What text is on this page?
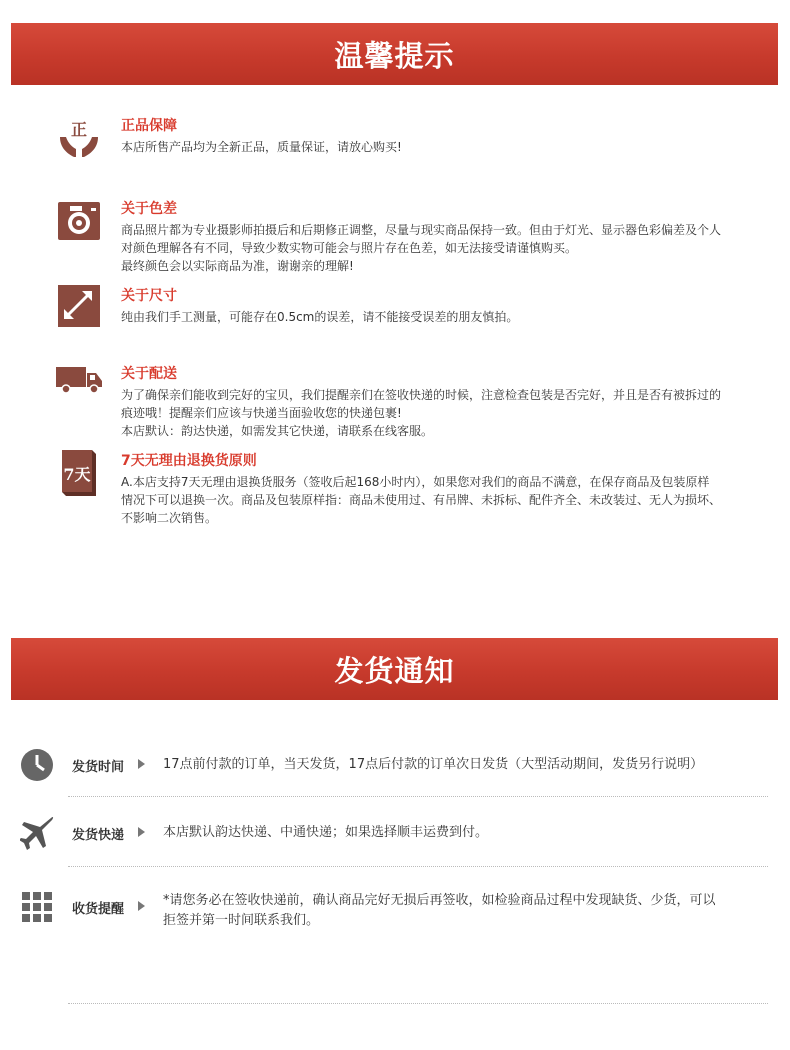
温馨提示
正 正品保障

本店所售产品均为全新正品，质量保证，请放心购买!

关于色差

商品照片都为专业摄影师拍摄后和后期修正调整，尽量与现实商品保持一致。但由于灯光、显示器色彩偏差及个人

对颜色理解各有不同，导致少数实物可能会与照片存在色差，如无法接受请谨慎购买。

最终颜色会以实际商品为准，谢谢亲的理解!

关于尺寸

纯由我们手工测量，可能存在0.5cm的误差，请不能接受误差的朋友慎拍。

关于配送

为了确保亲们能收到完好的宝贝，我们提醒亲们在签收快递的时候，注意检查包装是否完好，并且是否有被拆过的

痕迹哦！提醒亲们应该与快递当面验收您的快递包裹!

本店默认：韵达快递，如需发其它快递，请联系在线客服。

7天
7天无理由退换货原则

A.本店支持7天无理由退换货服务（签收后起168小时内），如果您对我们的商品不满意，在保存商品及包装原样

情况下可以退换一次。商品及包装原样指：商品未使用过、有吊牌、未拆标、配件齐全、未改装过、无人为损坏、

不影响二次销售。

发货通知
发货时间	17点前付款的订单，当天发货，17点后付款的订单次日发货（大型活动期间，发货另行说明）

发货快递	本店默认韵达快递、中通快递；如果选择顺丰运费到付。

收货提醒

*请您务必在签收快递前，确认商品完好无损后再签收，如检验商品过程中发现缺货、少货，可以

拒签并第一时间联系我们。
